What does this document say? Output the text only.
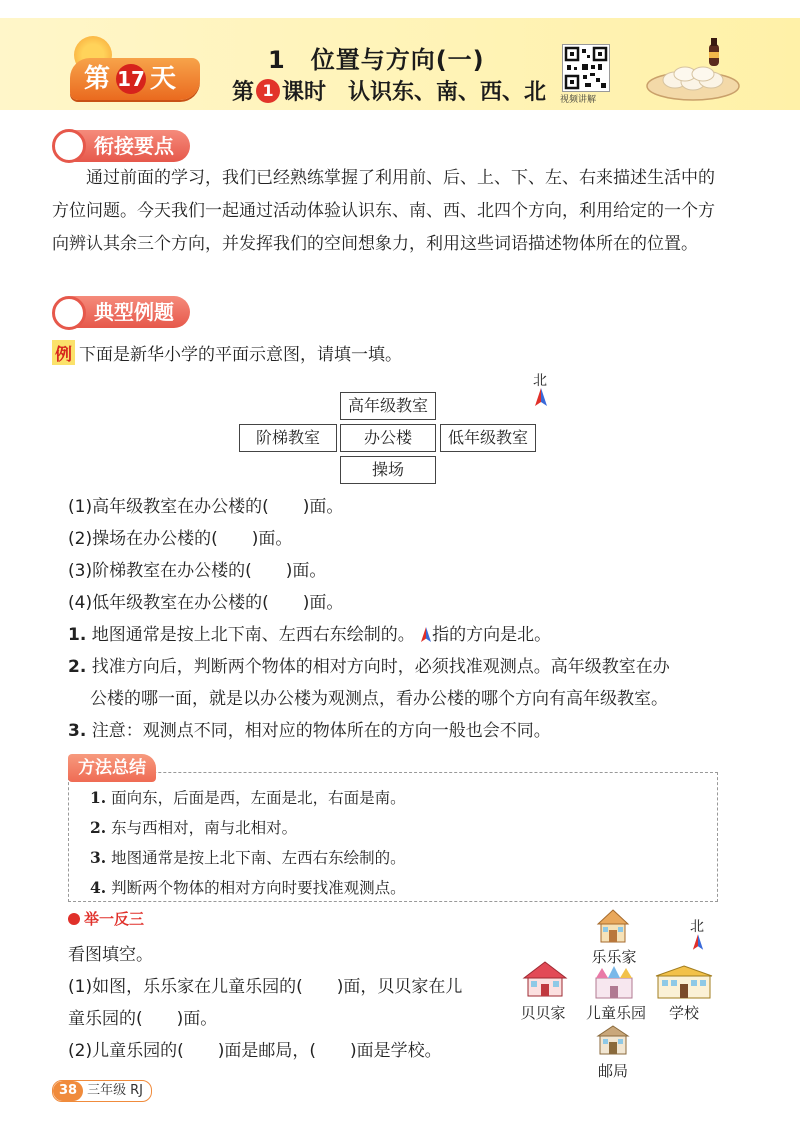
第 17 天
1　位置与方向(一)
第 1 课时　认识东、南、西、北 视频讲解
衔接要点
通过前面的学习，我们已经熟练掌握了利用前、后、上、下、左、右来描述生活中的方位问题。今天我们一起通过活动体验认识东、南、西、北四个方向，利用给定的一个方向辨认其余三个方向，并发挥我们的空间想象力，利用这些词语描述物体所在的位置。
典型例题
例 下面是新华小学的平面示意图，请填一填。
北
高年级教室
阶梯教室	办公楼	低年级教室
操场
(1)高年级教室在办公楼的(　　)面。
(2)操场在办公楼的(　　)面。
(3)阶梯教室在办公楼的(　　)面。
(4)低年级教室在办公楼的(　　)面。
1. 地图通常是按上北下南、左西右东绘制的。 指的方向是北。
2. 找准方向后，判断两个物体的相对方向时，必须找准观测点。高年级教室在办
公楼的哪一面，就是以办公楼为观测点，看办公楼的哪个方向有高年级教室。
3. 注意：观测点不同，相对应的物体所在的方向一般也会不同。
方法总结
1. 面向东，后面是西，左面是北，右面是南。
2. 东与西相对，南与北相对。
3. 地图通常是按上北下南、左西右东绘制的。
4. 判断两个物体的相对方向时要找准观测点。
举一反三
看图填空。
(1)如图，乐乐家在儿童乐园的(　　)面，贝贝家在儿
童乐园的(　　)面。
(2)儿童乐园的(　　)面是邮局，(　　)面是学校。
北
乐乐家
贝贝家	儿童乐园	学校
邮局
38 三年级 RJ
